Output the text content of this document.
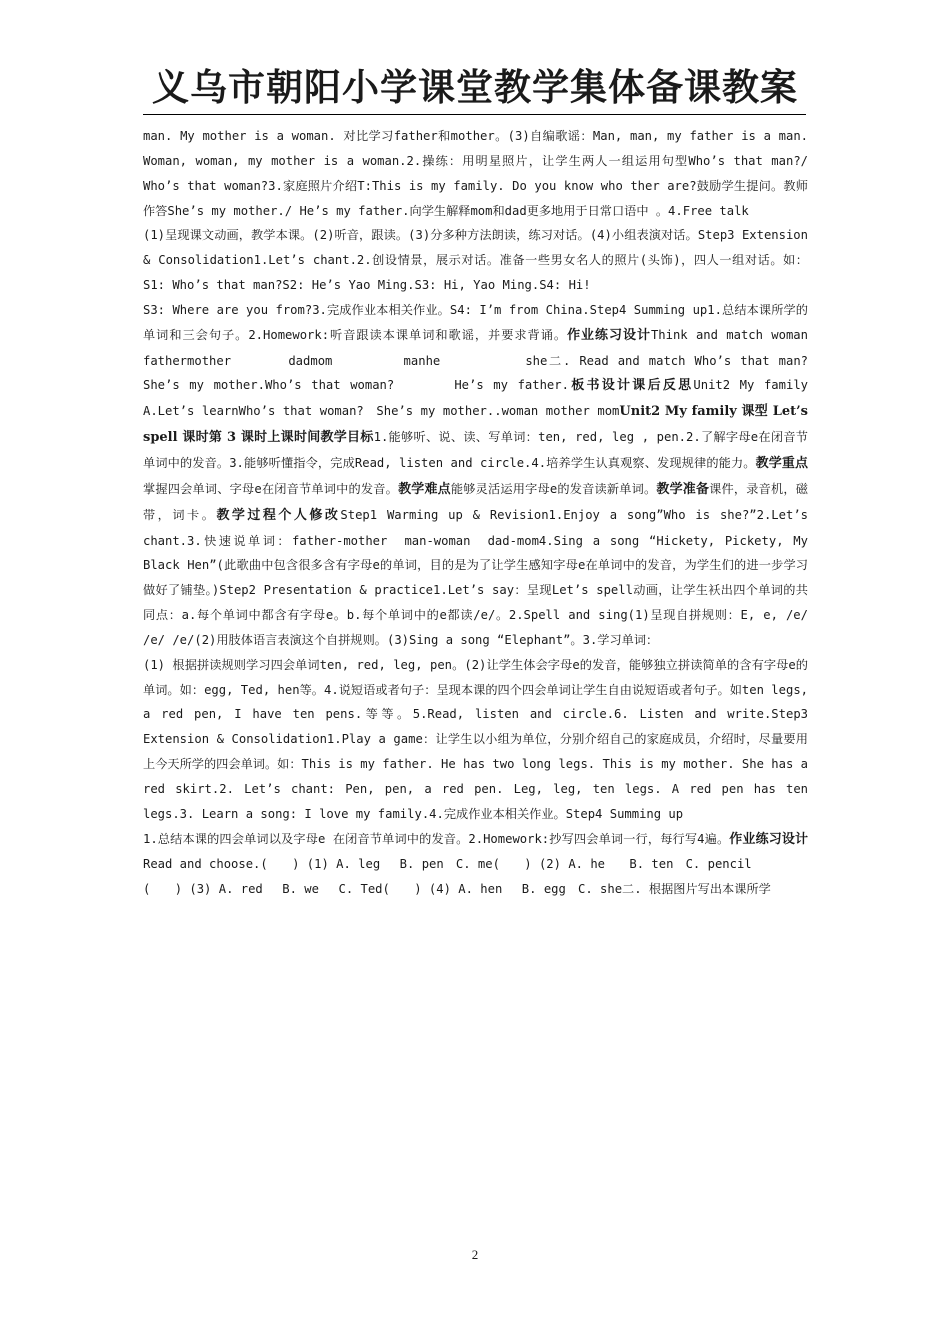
义乌市朝阳小学课堂教学集体备课教案

man. My mother is a woman. 对比学习father和mother。(3)自编歌谣：Man, man, my father is a man. Woman, woman, my mother is a woman.2.操练：用明星照片，让学生两人一组运用句型Who’s that man?/ Who’s that woman?3.家庭照片介绍T:This is my family. Do you know who ther are?鼓励学生提问。教师作答She’s my mother./ He’s my father.向学生解释mom和dad更多地用于日常口语中 。4.Free talk

(1)呈现课文动画，教学本课。(2)听音，跟读。(3)分多种方法朗读，练习对话。(4)小组表演对话。Step3 Extension & Consolidation1.Let’s chant.2.创设情景，展示对话。准备一些男女名人的照片(头饰)，四人一组对话。如：S1: Who’s that man?S2: He’s Yao Ming.S3: Hi, Yao Ming.S4: Hi!

S3: Where are you from?3.完成作业本相关作业。S4: I’m from China.Step4 Summing up1.总结本课所学的单词和三会句子。2.Homework:听音跟读本课单词和歌谣，并要求背诵。作业练习设计Think and match woman　　　　　fathermother　　　　dadmom　　　　　manhe　　　　　　she二. Read and match Who’s that man?　　　　　　She’s my mother.Who’s that woman?　　　　He’s my father.板书设计课后反思Unit2 My family　A.Let’s learnWho’s that woman?　She’s my mother..woman mother momUnit2 My family 课型 Let’s spell 课时第 3 课时上课时间教学目标1.能够听、说、读、写单词：ten, red, leg , pen.2.了解字母e在闭音节单词中的发音。3.能够听懂指令，完成Read, listen and circle.4.培养学生认真观察、发现规律的能力。教学重点掌握四会单词、字母e在闭音节单词中的发音。教学难点能够灵活运用字母e的发音读新单词。教学准备课件，录音机，磁带，词卡。教学过程个人修改Step1 Warming up & Revision1.Enjoy a song”Who is she?”2.Let’s chant.3.快速说单词：father-mother　man-woman　dad-mom4.Sing a song “Hickety, Pickety, My Black Hen”(此歌曲中包含很多含有字母e的单词，目的是为了让学生感知字母e在单词中的发音，为学生们的进一步学习做好了铺垫。)Step2 Presentation & practice1.Let’s say：呈现Let’s spell动画，让学生袄出四个单词的共同点：a.每个单词中都含有字母e。b.每个单词中的e都读/e/。2.Spell and sing(1)呈现自拼规则：E, e, /e/ /e/ /e/(2)用肢体语言表演这个自拼规则。(3)Sing a song “Elephant”。3.学习单词：

(1) 根据拼读规则学习四会单词ten, red, leg, pen。(2)让学生体会字母e的发音，能够独立拼读简单的含有字母e的单词。如：egg, Ted, hen等。4.说短语或者句子：呈现本课的四个四会单词让学生自由说短语或者句子。如ten legs, a red pen, I have ten pens.等等。5.Read, listen and circle.6. Listen and write.Step3 Extension & Consolidation1.Play a game：让学生以小组为单位，分别介绍自己的家庭成员，介绍时，尽量要用上今天所学的四会单词。如：This is my father. He has two long legs. This is my mother. She has a red skirt.2. Let’s chant: Pen, pen, a red pen. Leg, leg, ten legs. A red pen has ten legs.3. Learn a song: I love my family.4.完成作业本相关作业。Step4 Summing up

1.总结本课的四会单词以及字母e 在闭音节单词中的发音。2.Homework:抄写四会单词一行，每行写4遍。作业练习设计Read and choose.(　　) (1) A. leg　 B. pen　C. me(　　) (2) A. he　　B. ten　C. pencil

(　　) (3) A. red　 B. we　 C. Ted(　　) (4) A. hen　 B. egg　C. she二. 根据图片写出本课所学

2
